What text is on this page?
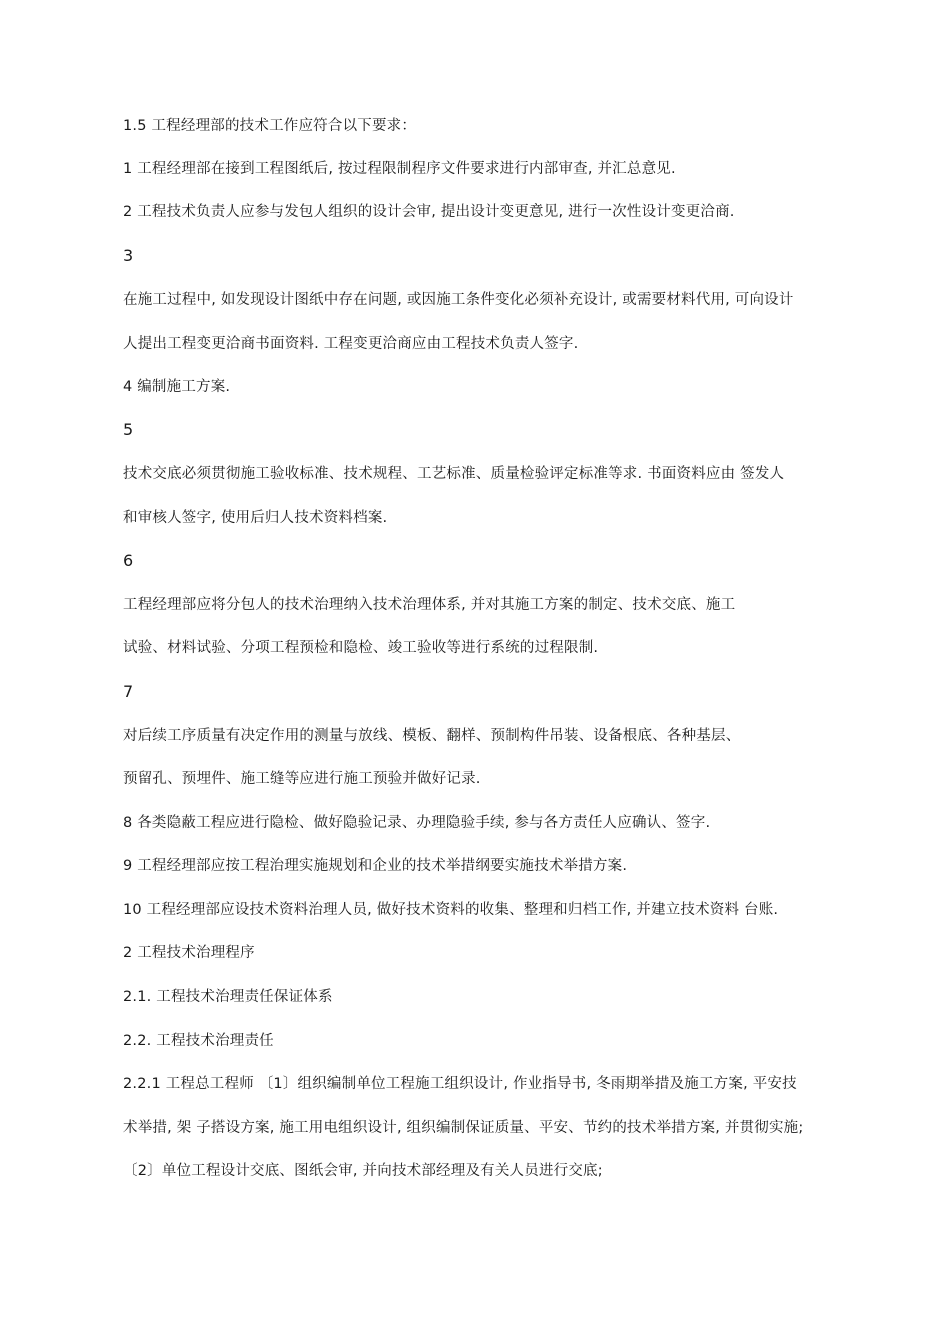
1.5 工程经理部的技术工作应符合以下要求：
1 工程经理部在接到工程图纸后, 按过程限制程序文件要求进行内部审查, 并汇总意见.
2 工程技术负责人应参与发包人组织的设计会审, 提出设计变更意见, 进行一次性设计变更洽商.
3
在施工过程中, 如发现设计图纸中存在问题, 或因施工条件变化必须补充设计, 或需要材料代用, 可向设计
人提出工程变更洽商书面资料. 工程变更洽商应由工程技术负责人签字.
4 编制施工方案.
5
技术交底必须贯彻施工验收标准、技术规程、工艺标准、质量检验评定标准等求. 书面资料应由 签发人
和审核人签字, 使用后归人技术资料档案.
6
工程经理部应将分包人的技术治理纳入技术治理体系, 并对其施工方案的制定、技术交底、施工
试验、材料试验、分项工程预检和隐检、竣工验收等进行系统的过程限制.
7
对后续工序质量有决定作用的测量与放线、模板、翻样、预制构件吊装、设备根底、各种基层、
预留孔、预埋件、施工缝等应进行施工预验并做好记录.
8 各类隐蔽工程应进行隐检、做好隐验记录、办理隐验手续, 参与各方责任人应确认、签字.
9 工程经理部应按工程治理实施规划和企业的技术举措纲要实施技术举措方案.
10 工程经理部应设技术资料治理人员, 做好技术资料的收集、整理和归档工作, 并建立技术资料 台账.
2 工程技术治理程序
2.1. 工程技术治理责任保证体系
2.2. 工程技术治理责任
2.2.1 工程总工程师 〔1〕组织编制单位工程施工组织设计, 作业指导书, 冬雨期举措及施工方案, 平安技
术举措, 架 子搭设方案, 施工用电组织设计, 组织编制保证质量、平安、节约的技术举措方案, 并贯彻实施;
〔2〕单位工程设计交底、图纸会审, 并向技术部经理及有关人员进行交底;
